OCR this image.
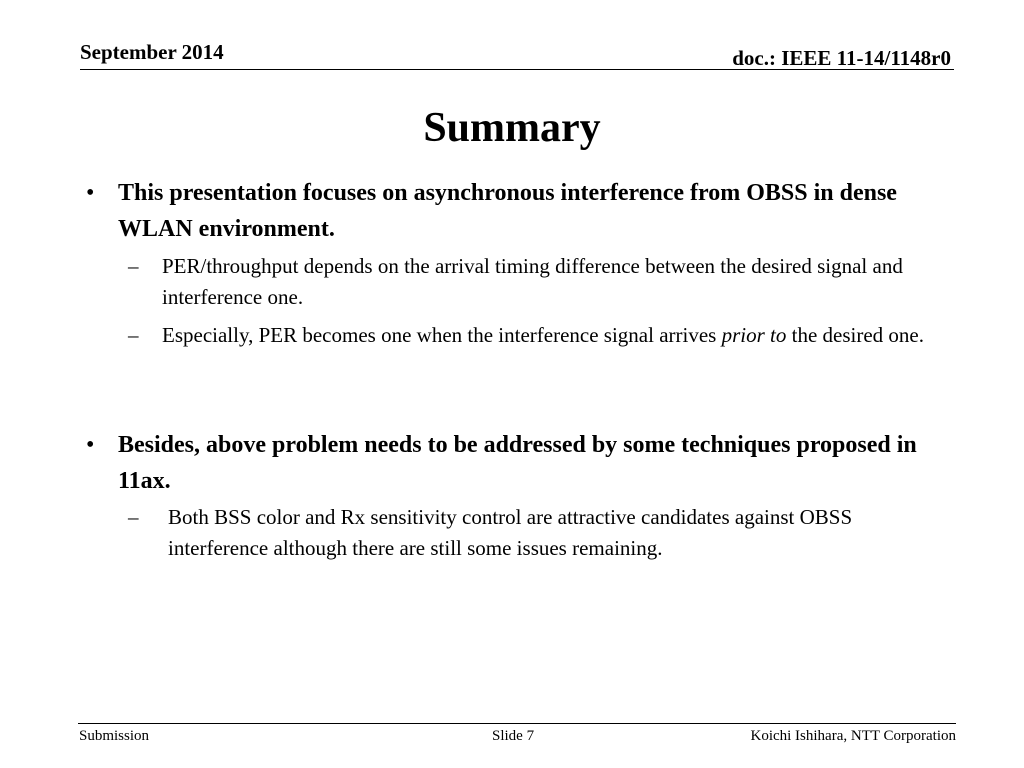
September 2014	doc.: IEEE 11-14/1148r0
Summary
• This presentation focuses on asynchronous interference from OBSS in dense WLAN environment.
– PER/throughput depends on the arrival timing difference between the desired signal and interference one.
– Especially, PER becomes one when the interference signal arrives prior to the desired one.
• Besides, above problem needs to be addressed by some techniques proposed in 11ax.
– Both BSS color and Rx sensitivity control are attractive candidates against OBSS interference although there are still some issues remaining.
Submission	Slide 7	Koichi Ishihara, NTT Corporation
